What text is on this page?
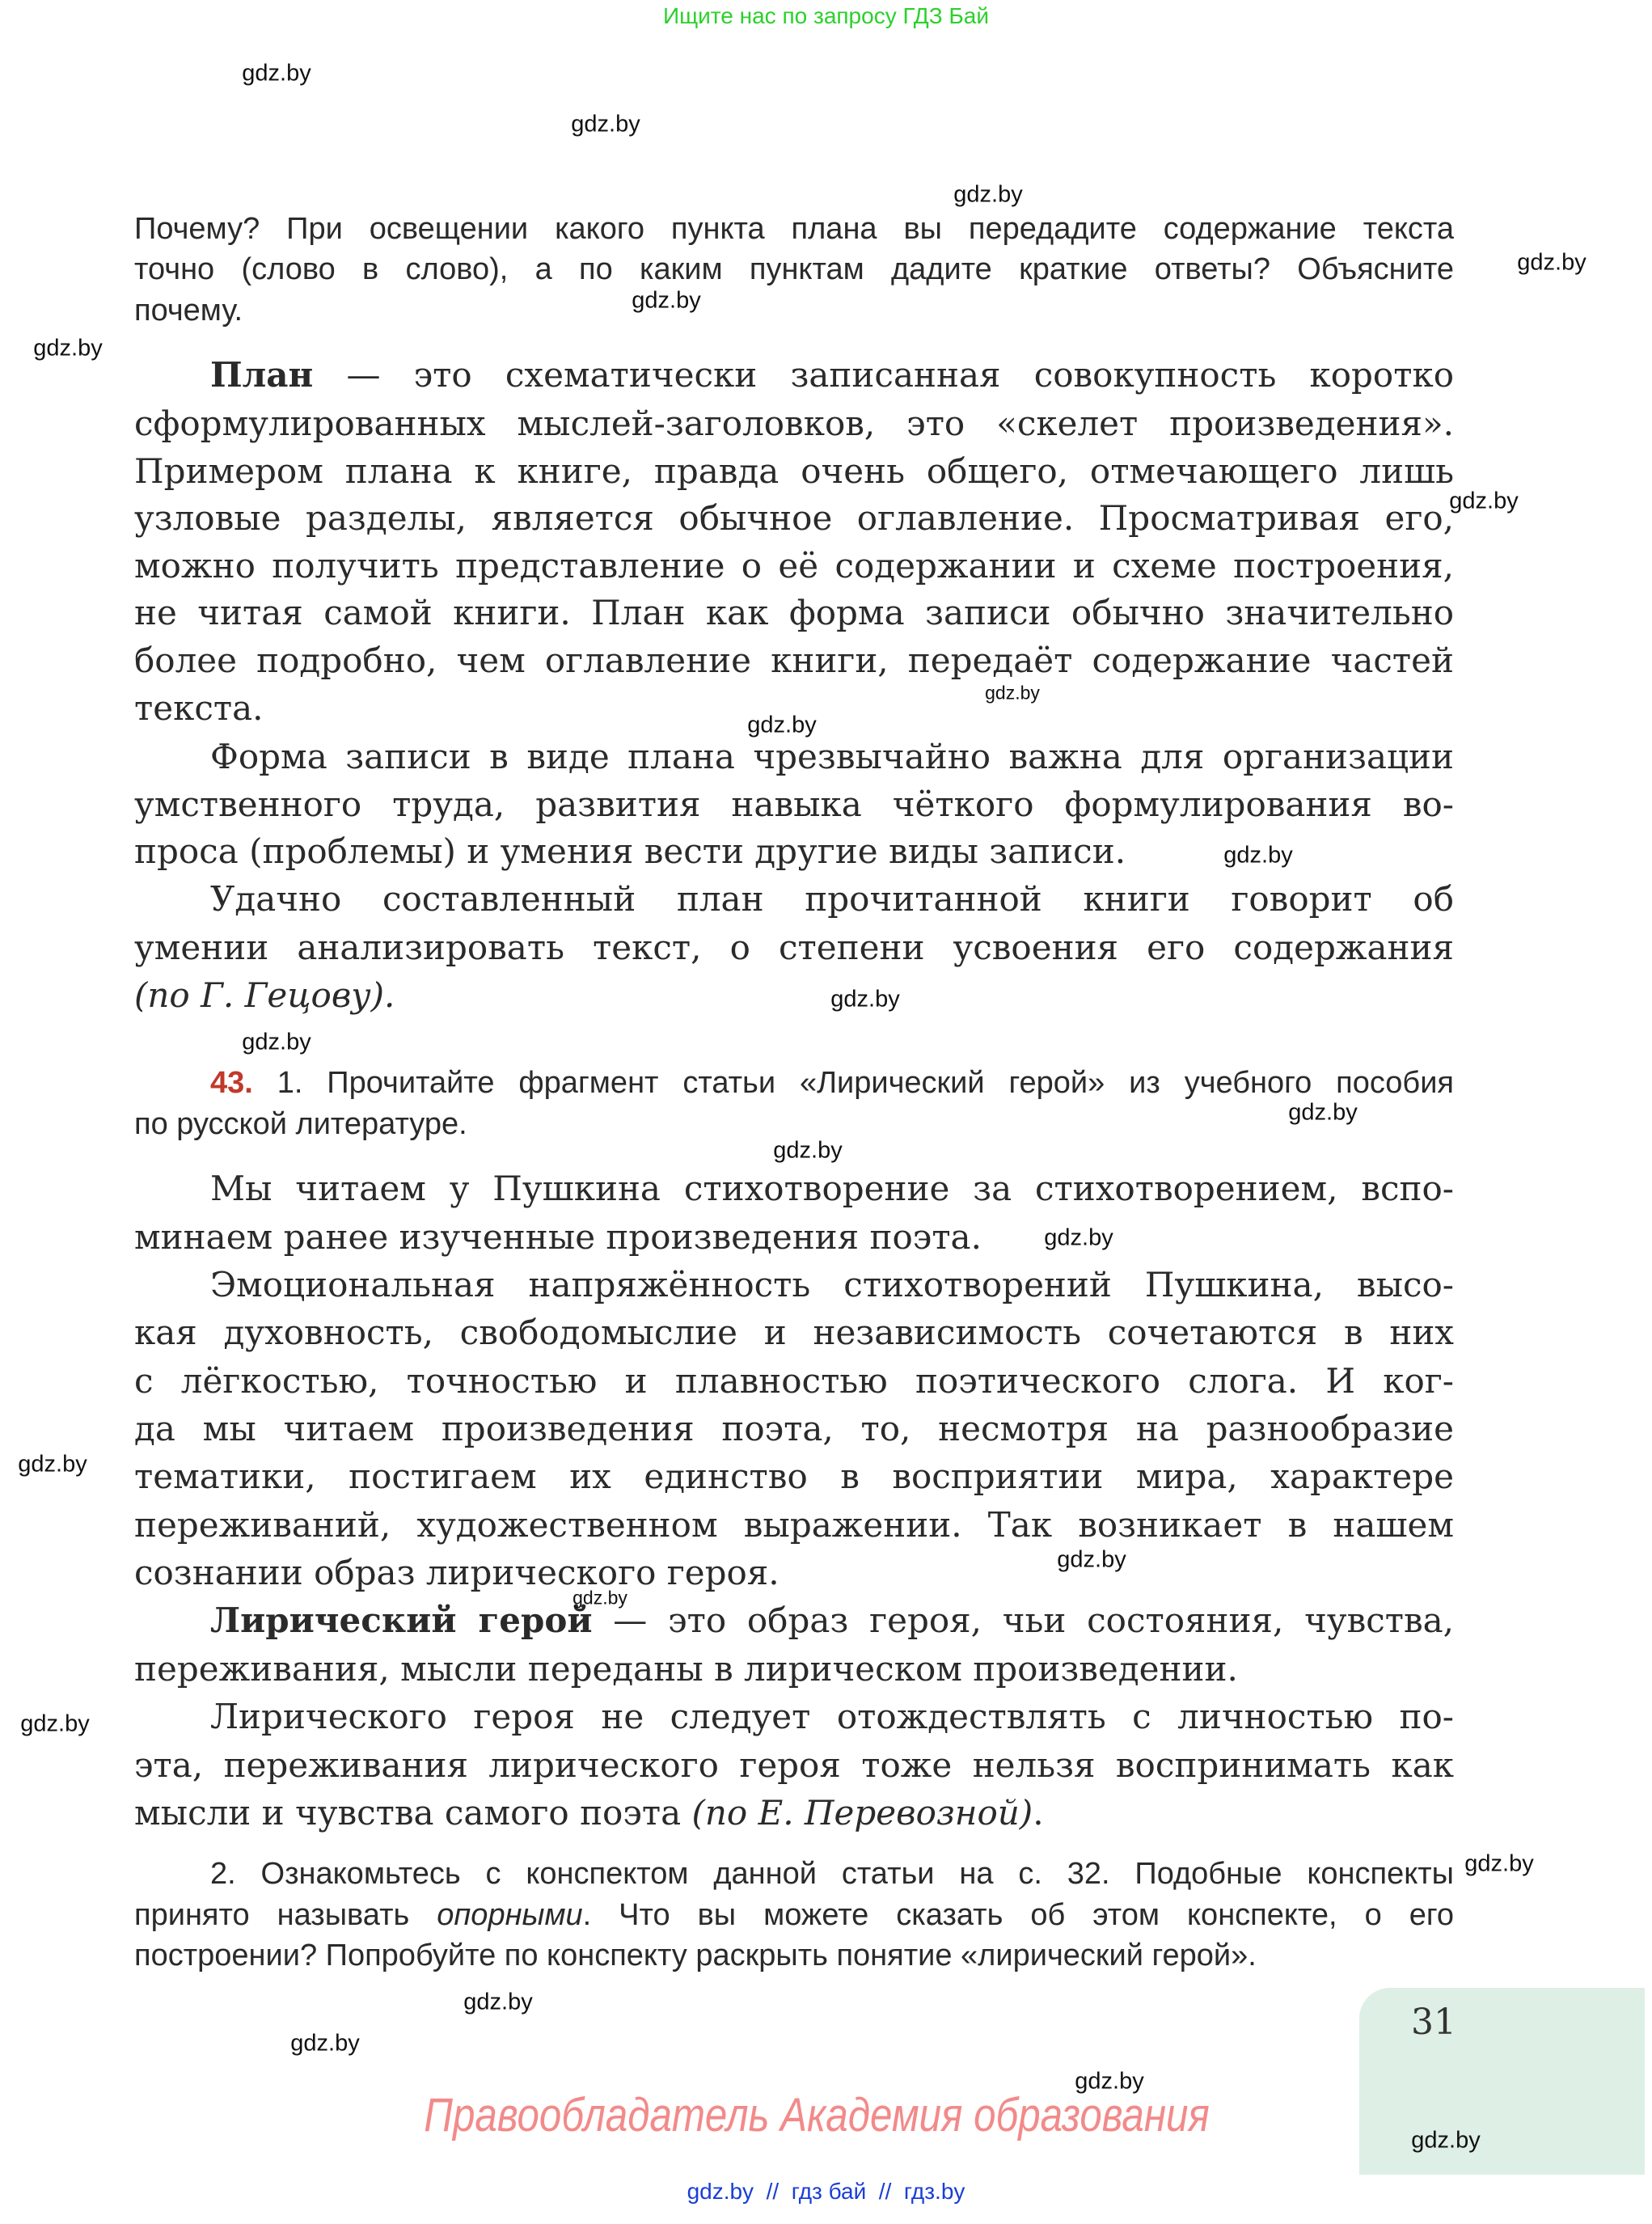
Ищите нас по запросу ГДЗ Бай
Почему? При освещении какого пункта плана вы передадите содержание текста
точно (слово в слово), а по каким пунктам дадите краткие ответы? Объясните
почему.
План — это схематически записанная совокупность коротко
сформулированных мыслей-заголовков, это «скелет произведения».
Примером плана к книге, правда очень общего, отмечающего лишь
узловые разделы, является обычное оглавление. Просматривая его,
можно получить представление о её содержании и схеме построения,
не читая самой книги. План как форма записи обычно значительно
более подробно, чем оглавление книги, передаёт содержание частей
текста.
Форма записи в виде плана чрезвычайно важна для организации
умственного труда, развития навыка чёткого формулирования во-
проса (проблемы) и умения вести другие виды записи.
Удачно составленный план прочитанной книги говорит об
умении анализировать текст, о степени усвоения его содержания
(по Г. Гецову).
43. 1. Прочитайте фрагмент статьи «Лирический герой» из учебного пособия
по русской литературе.
Мы читаем у Пушкина стихотворение за стихотворением, вспо-
минаем ранее изученные произведения поэта.
Эмоциональная напряжённость стихотворений Пушкина, высо-
кая духовность, свободомыслие и независимость сочетаются в них
с лёгкостью, точностью и плавностью поэтического слога. И ког-
да мы читаем произведения поэта, то, несмотря на разнообразие
тематики, постигаем их единство в восприятии мира, характере
переживаний, художественном выражении. Так возникает в нашем
сознании образ лирического героя.
Лирический герой — это образ героя, чьи состояния, чувства,
переживания, мысли переданы в лирическом произведении.
Лирического героя не следует отождествлять с личностью по-
эта, переживания лирического героя тоже нельзя воспринимать как
мысли и чувства самого поэта (по Е. Перевозной).
2. Ознакомьтесь с конспектом данной статьи на с. 32. Подобные конспекты
принято называть опорными. Что вы можете сказать об этом конспекте, о его
построении? Попробуйте по конспекту раскрыть понятие «лирический герой».
31
Правообладатель Академия образования
gdz.by  //  гдз бай  //  гдз.by
gdz.by
gdz.by
gdz.by
gdz.by
gdz.by
gdz.by
gdz.by
gdz.by
gdz.by
gdz.by
gdz.by
gdz.by
gdz.by
gdz.by
gdz.by
gdz.by
gdz.by
gdz.by
gdz.by
gdz.by
gdz.by
gdz.by
gdz.by
gdz.by
